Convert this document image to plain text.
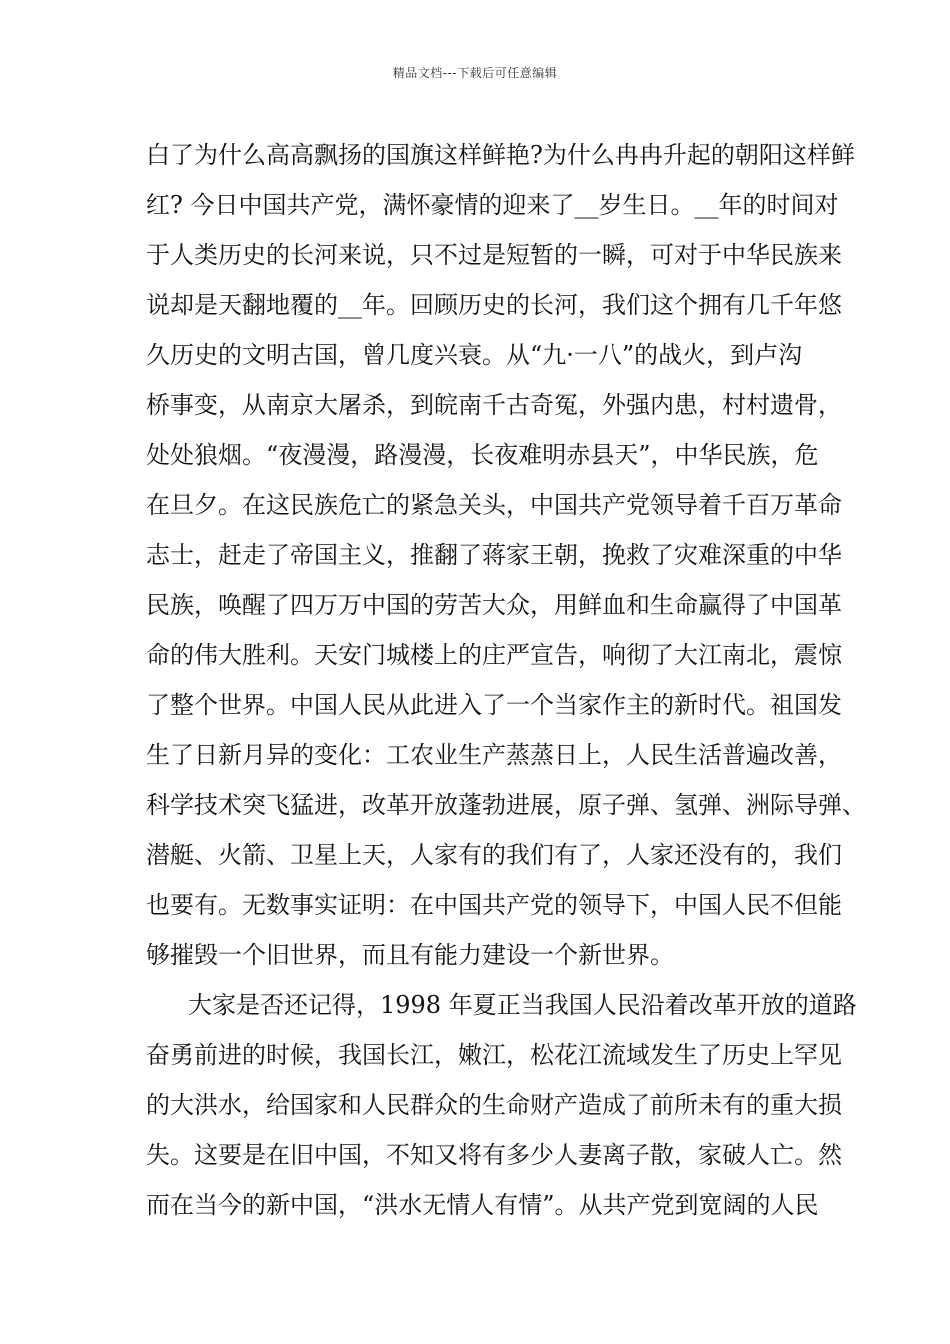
精品文档---下载后可任意编辑
白了为什么高高飘扬的国旗这样鲜艳?为什么冉冉升起的朝阳这样鲜
红? 今日中国共产党，满怀豪情的迎来了__岁生日。__年的时间对
于人类历史的长河来说，只不过是短暂的一瞬，可对于中华民族来
说却是天翻地覆的__年。回顾历史的长河，我们这个拥有几千年悠
久历史的文明古国，曾几度兴衰。从“九·一八”的战火，到卢沟
桥事变，从南京大屠杀，到皖南千古奇冤，外强内患，村村遗骨，
处处狼烟。“夜漫漫，路漫漫，长夜难明赤县天”，中华民族，危
在旦夕。在这民族危亡的紧急关头，中国共产党领导着千百万革命
志士，赶走了帝国主义，推翻了蒋家王朝，挽救了灾难深重的中华
民族，唤醒了四万万中国的劳苦大众，用鲜血和生命赢得了中国革
命的伟大胜利。天安门城楼上的庄严宣告，响彻了大江南北，震惊
了整个世界。中国人民从此进入了一个当家作主的新时代。祖国发
生了日新月异的变化：工农业生产蒸蒸日上，人民生活普遍改善，
科学技术突飞猛进，改革开放蓬勃进展，原子弹、氢弹、洲际导弹、
潜艇、火箭、卫星上天，人家有的我们有了，人家还没有的，我们
也要有。无数事实证明：在中国共产党的领导下，中国人民不但能
够摧毁一个旧世界，而且有能力建设一个新世界。
大家是否还记得，1998 年夏正当我国人民沿着改革开放的道路
奋勇前进的时候，我国长江，嫩江，松花江流域发生了历史上罕见
的大洪水，给国家和人民群众的生命财产造成了前所未有的重大损
失。这要是在旧中国，不知又将有多少人妻离子散，家破人亡。然
而在当今的新中国，“洪水无情人有情”。从共产党到宽阔的人民
